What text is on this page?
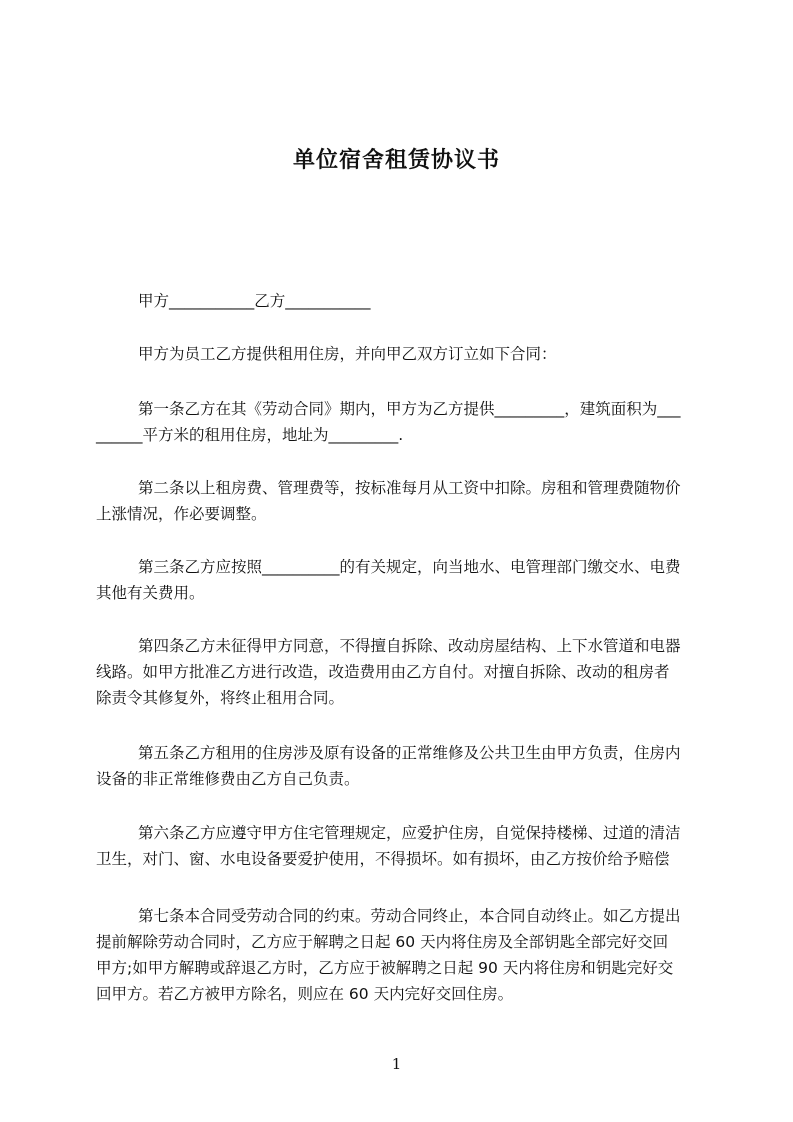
单位宿舍租赁协议书
甲方___________乙方___________
甲方为员工乙方提供租用住房，并向甲乙双方订立如下合同：
第一条乙方在其《劳动合同》期内，甲方为乙方提供_________，建筑面积为___
______平方米的租用住房，地址为_________.
第二条以上租房费、管理费等，按标准每月从工资中扣除。房租和管理费随物价
上涨情况，作必要调整。
第三条乙方应按照__________的有关规定，向当地水、电管理部门缴交水、电费
其他有关费用。
第四条乙方未征得甲方同意，不得擅自拆除、改动房屋结构、上下水管道和电器
线路。如甲方批准乙方进行改造，改造费用由乙方自付。对擅自拆除、改动的租房者
除责令其修复外，将终止租用合同。
第五条乙方租用的住房涉及原有设备的正常维修及公共卫生由甲方负责，住房内
设备的非正常维修费由乙方自己负责。
第六条乙方应遵守甲方住宅管理规定，应爱护住房，自觉保持楼梯、过道的清洁
卫生，对门、窗、水电设备要爱护使用，不得损坏。如有损坏，由乙方按价给予赔偿
第七条本合同受劳动合同的约束。劳动合同终止，本合同自动终止。如乙方提出
提前解除劳动合同时，乙方应于解聘之日起 60 天内将住房及全部钥匙全部完好交回
甲方;如甲方解聘或辞退乙方时，乙方应于被解聘之日起 90 天内将住房和钥匙完好交
回甲方。若乙方被甲方除名，则应在 60 天内完好交回住房。
1
